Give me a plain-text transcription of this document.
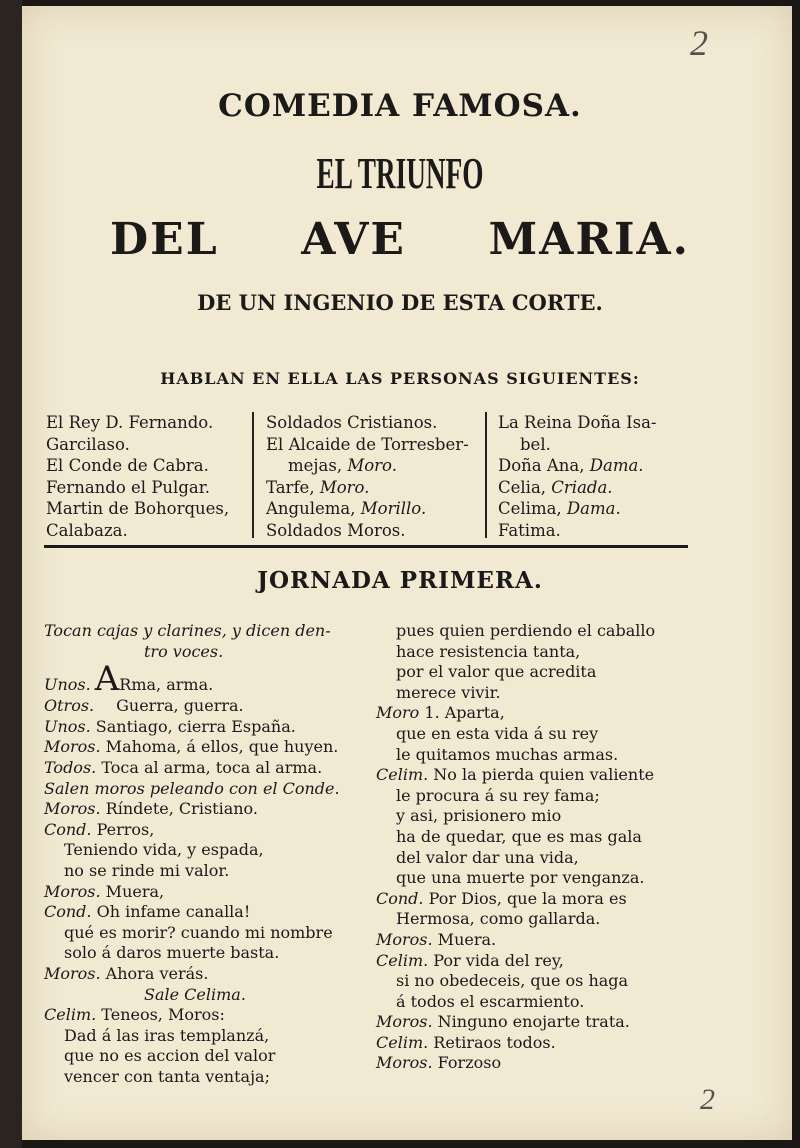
2
2
COMEDIA FAMOSA.
EL TRIUNFO
DEL AVE MARIA.
DE UN INGENIO DE ESTA CORTE.
HABLAN EN ELLA LAS PERSONAS SIGUIENTES:
El Rey D. Fernando.
Garcilaso.
El Conde de Cabra.
Fernando el Pulgar.
Martin de Bohorques,
Calabaza.
Soldados Cristianos.
El Alcaide de Torresber-
mejas, Moro.
Tarfe, Moro.
Angulema, Morillo.
Soldados Moros.
La Reina Doña Isa-
bel.
Doña Ana, Dama.
Celia, Criada.
Celima, Dama.
Fatima.
JORNADA PRIMERA.
Tocan cajas y clarines, y dicen den-
tro voces.
Unos. ARma, arma.
Otros. Guerra, guerra.
Unos. Santiago, cierra España.
Moros. Mahoma, á ellos, que huyen.
Todos. Toca al arma, toca al arma.
Salen moros peleando con el Conde.
Moros. Ríndete, Cristiano.
Cond. Perros,
Teniendo vida, y espada,
no se rinde mi valor.
Moros. Muera,
Cond. Oh infame canalla!
qué es morir? cuando mi nombre
solo á daros muerte basta.
Moros. Ahora verás.
Sale Celima.
Celim. Teneos, Moros:
Dad á las iras templanzá,
que no es accion del valor
vencer con tanta ventaja;
pues quien perdiendo el caballo
hace resistencia tanta,
por el valor que acredita
merece vivir.
Moro 1. Aparta,
que en esta vida á su rey
le quitamos muchas armas.
Celim. No la pierda quien valiente
le procura á su rey fama;
y asi, prisionero mio
ha de quedar, que es mas gala
del valor dar una vida,
que una muerte por venganza.
Cond. Por Dios, que la mora es
Hermosa, como gallarda.
Moros. Muera.
Celim. Por vida del rey,
si no obedeceis, que os haga
á todos el escarmiento.
Moros. Ninguno enojarte trata.
Celim. Retiraos todos.
Moros. Forzoso
